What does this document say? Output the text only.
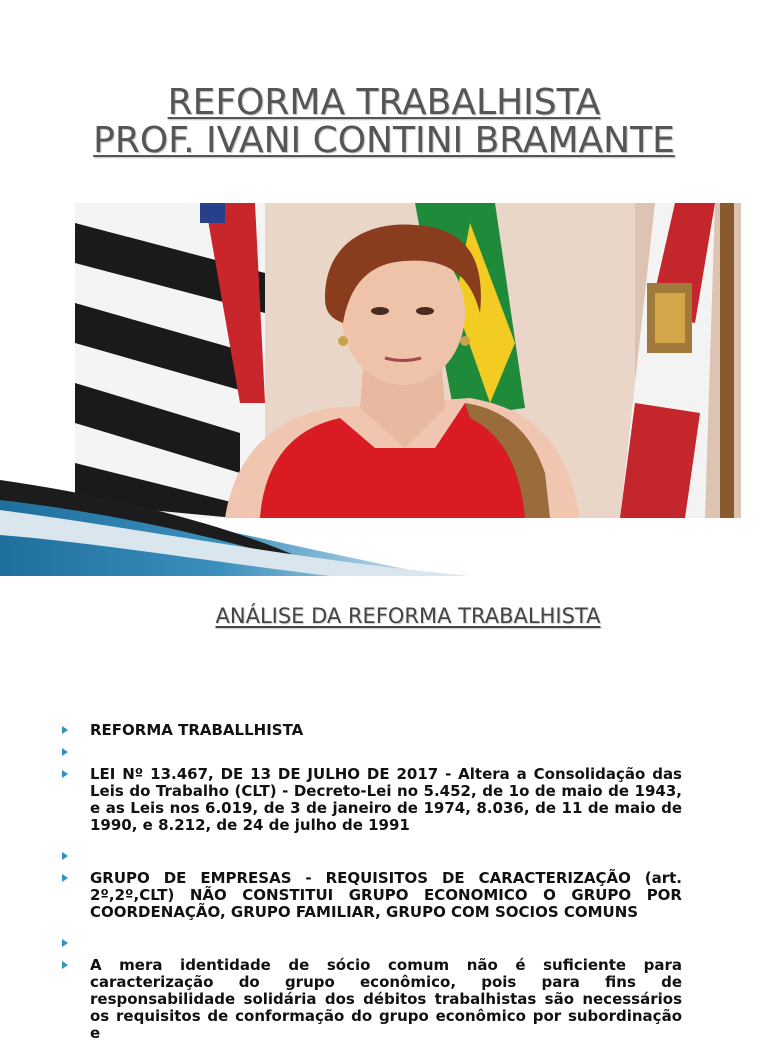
REFORMA TRABALHISTA
PROF. IVANI CONTINI BRAMANTE
ANÁLISE DA REFORMA TRABALHISTA
REFORMA TRABALLHISTA
LEI Nº 13.467, DE 13 DE JULHO DE 2017 - Altera a Consolidação das Leis do Trabalho (CLT) - Decreto-Lei no 5.452, de 1o de maio de 1943, e as Leis nos 6.019, de 3 de janeiro de 1974, 8.036, de 11 de maio de 1990, e 8.212, de 24 de julho de 1991
GRUPO DE EMPRESAS - REQUISITOS DE CARACTERIZAÇÃO (art. 2º,2º,CLT) NÃO CONSTITUI GRUPO ECONOMICO O GRUPO POR COORDENAÇÃO, GRUPO FAMILIAR, GRUPO COM SOCIOS COMUNS
A mera identidade de sócio comum não é suficiente para caracterização do grupo econômico, pois para fins de responsabilidade solidária dos débitos trabalhistas são necessários os requisitos de conformação do grupo econômico por subordinação e
